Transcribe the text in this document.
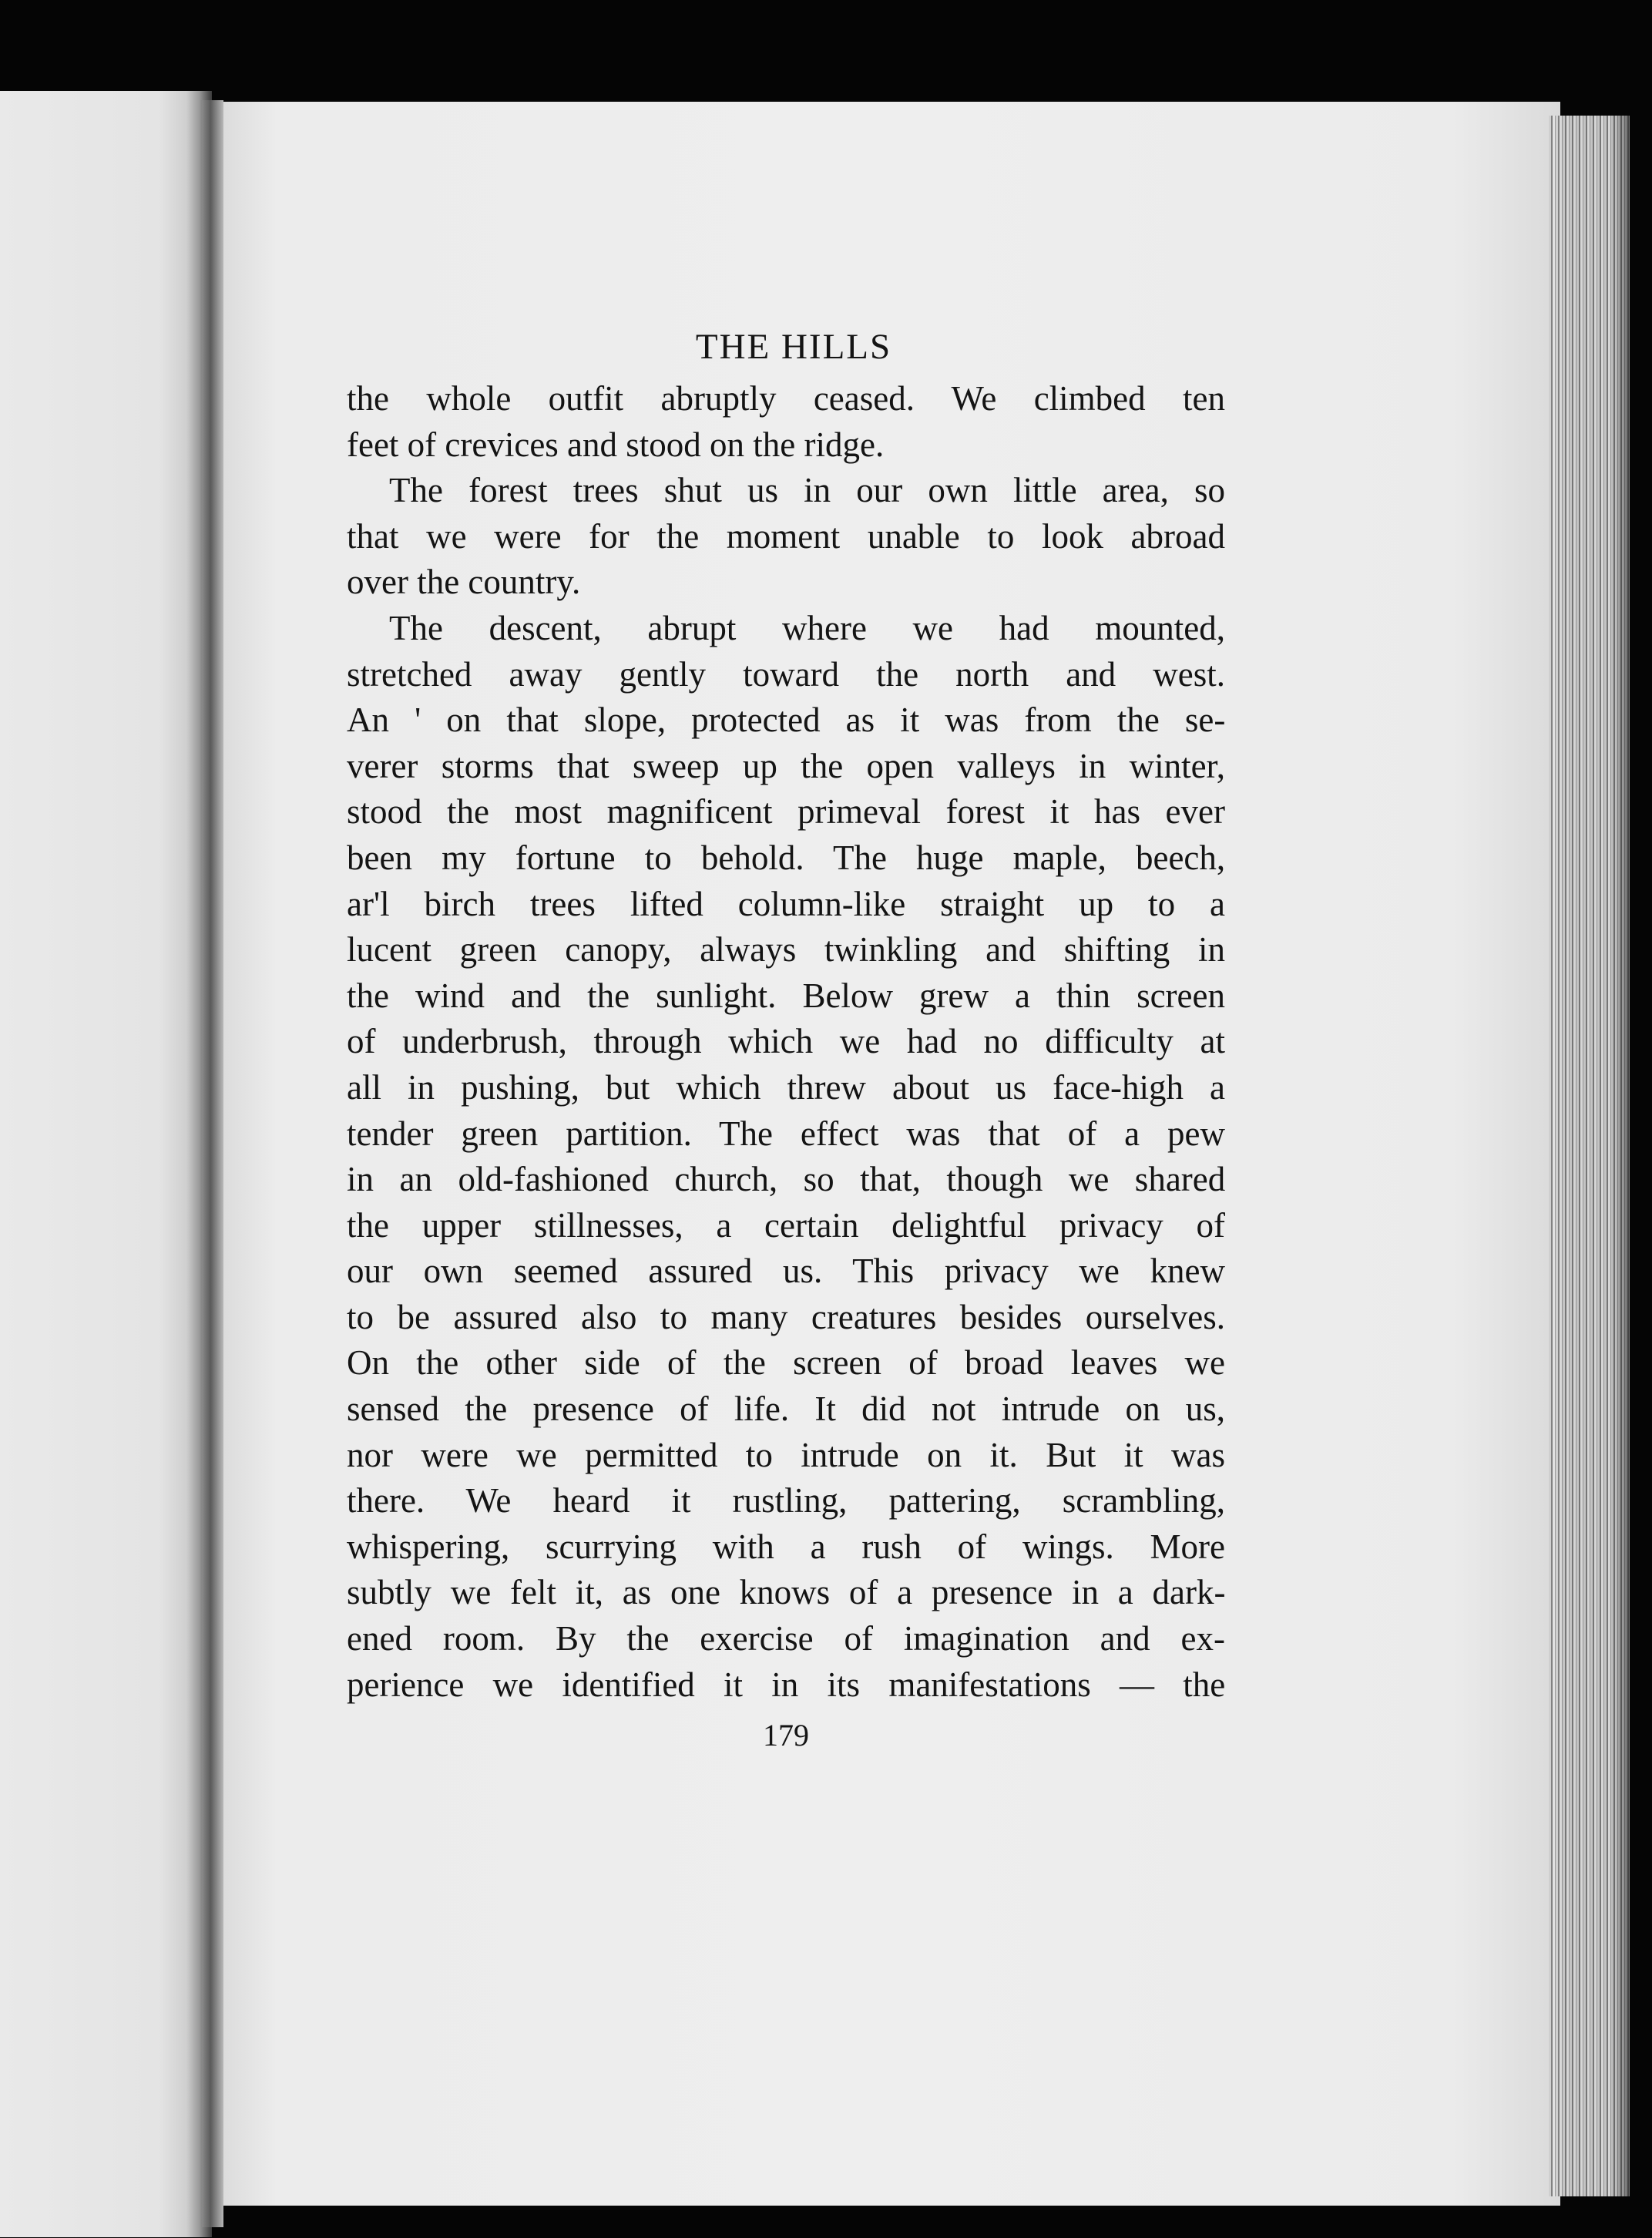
THE HILLS
the whole outfit abruptly ceased. We climbed ten
feet of crevices and stood on the ridge.
The forest trees shut us in our own little area, so
that we were for the moment unable to look abroad
over the country.
The descent, abrupt where we had mounted,
stretched away gently toward the north and west.
An ' on that slope, protected as it was from the se-
verer storms that sweep up the open valleys in winter,
stood the most magnificent primeval forest it has ever
been my fortune to behold. The huge maple, beech,
ar'l birch trees lifted column-like straight up to a
lucent green canopy, always twinkling and shifting in
the wind and the sunlight. Below grew a thin screen
of underbrush, through which we had no difficulty at
all in pushing, but which threw about us face-high a
tender green partition. The effect was that of a pew
in an old-fashioned church, so that, though we shared
the upper stillnesses, a certain delightful privacy of
our own seemed assured us. This privacy we knew
to be assured also to many creatures besides ourselves.
On the other side of the screen of broad leaves we
sensed the presence of life. It did not intrude on us,
nor were we permitted to intrude on it. But it was
there. We heard it rustling, pattering, scrambling,
whispering, scurrying with a rush of wings. More
subtly we felt it, as one knows of a presence in a dark-
ened room. By the exercise of imagination and ex-
perience we identified it in its manifestations — the
179
